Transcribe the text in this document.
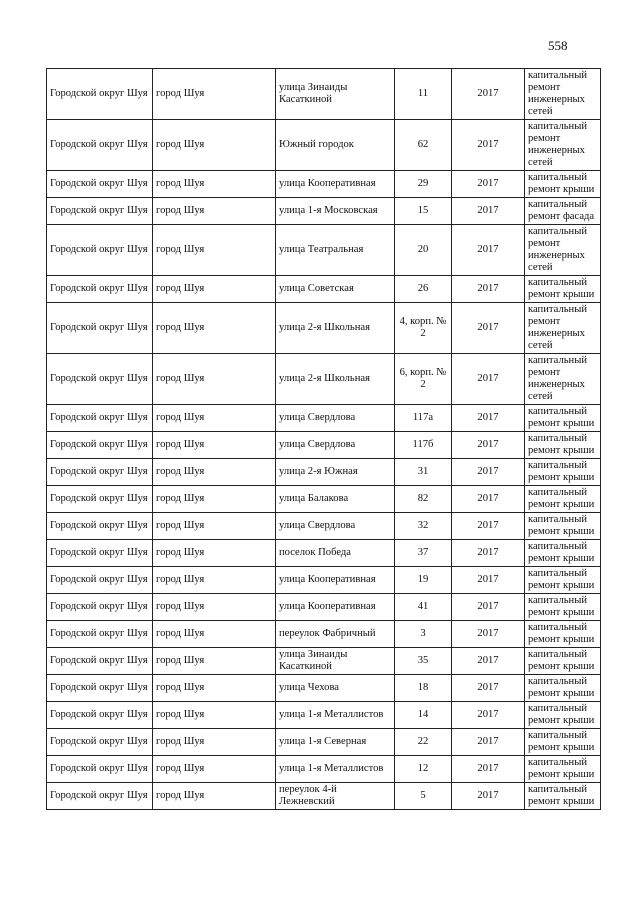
558
Городской округ Шуя	город Шуя	улица Зинаиды Касаткиной	11	2017	капитальный ремонт инженерных сетей
Городской округ Шуя	город Шуя	Южный городок	62	2017	капитальный ремонт инженерных сетей
Городской округ Шуя	город Шуя	улица Кооперативная	29	2017	капитальный ремонт крыши
Городской округ Шуя	город Шуя	улица 1-я Московская	15	2017	капитальный ремонт фасада
Городской округ Шуя	город Шуя	улица Театральная	20	2017	капитальный ремонт инженерных сетей
Городской округ Шуя	город Шуя	улица Советская	26	2017	капитальный ремонт крыши
Городской округ Шуя	город Шуя	улица 2-я Школьная	4, корп. № 2	2017	капитальный ремонт инженерных сетей
Городской округ Шуя	город Шуя	улица 2-я Школьная	6, корп. № 2	2017	капитальный ремонт инженерных сетей
Городской округ Шуя	город Шуя	улица Свердлова	117а	2017	капитальный ремонт крыши
Городской округ Шуя	город Шуя	улица Свердлова	117б	2017	капитальный ремонт крыши
Городской округ Шуя	город Шуя	улица 2-я Южная	31	2017	капитальный ремонт крыши
Городской округ Шуя	город Шуя	улица Балакова	82	2017	капитальный ремонт крыши
Городской округ Шуя	город Шуя	улица Свердлова	32	2017	капитальный ремонт крыши
Городской округ Шуя	город Шуя	поселок Победа	37	2017	капитальный ремонт крыши
Городской округ Шуя	город Шуя	улица Кооперативная	19	2017	капитальный ремонт крыши
Городской округ Шуя	город Шуя	улица Кооперативная	41	2017	капитальный ремонт крыши
Городской округ Шуя	город Шуя	переулок Фабричный	3	2017	капитальный ремонт крыши
Городской округ Шуя	город Шуя	улица Зинаиды Касаткиной	35	2017	капитальный ремонт крыши
Городской округ Шуя	город Шуя	улица Чехова	18	2017	капитальный ремонт крыши
Городской округ Шуя	город Шуя	улица 1-я Металлистов	14	2017	капитальный ремонт крыши
Городской округ Шуя	город Шуя	улица 1-я Северная	22	2017	капитальный ремонт крыши
Городской округ Шуя	город Шуя	улица 1-я Металлистов	12	2017	капитальный ремонт крыши
Городской округ Шуя	город Шуя	переулок 4-й Лежневский	5	2017	капитальный ремонт крыши
